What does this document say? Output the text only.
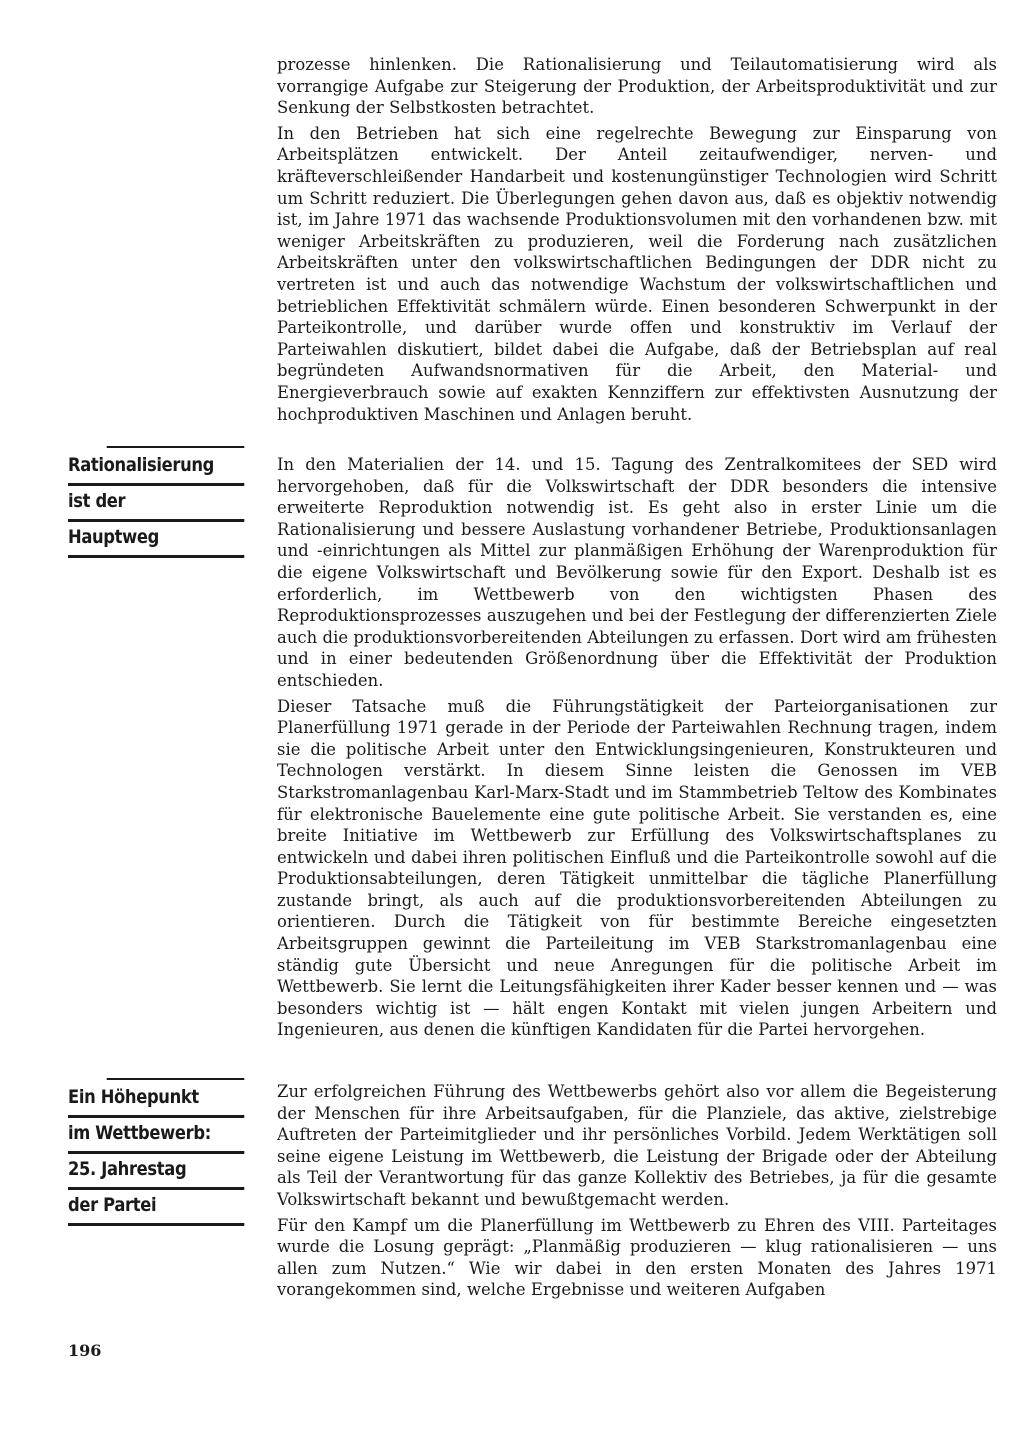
prozesse hinlenken. Die Rationalisierung und Teilautomatisierung wird als vorrangige Aufgabe zur Steigerung der Produktion, der Arbeitsproduktivität und zur Senkung der Selbstkosten betrachtet.

In den Betrieben hat sich eine regelrechte Bewegung zur Einsparung von Arbeitsplätzen entwickelt. Der Anteil zeitaufwendiger, nerven- und kräfteverschleißender Handarbeit und kostenungünstiger Technologien wird Schritt um Schritt reduziert. Die Überlegungen gehen davon aus, daß es objektiv notwendig ist, im Jahre 1971 das wachsende Produktionsvolumen mit den vorhandenen bzw. mit weniger Arbeitskräften zu produzieren, weil die Forderung nach zusätzlichen Arbeitskräften unter den volkswirtschaftlichen Bedingungen der DDR nicht zu vertreten ist und auch das notwendige Wachstum der volkswirtschaftlichen und betrieblichen Effektivität schmälern würde. Einen besonderen Schwerpunkt in der Parteikontrolle, und darüber wurde offen und konstruktiv im Verlauf der Parteiwahlen diskutiert, bildet dabei die Aufgabe, daß der Betriebsplan auf real begründeten Aufwandsnormativen für die Arbeit, den Material- und Energieverbrauch sowie auf exakten Kennziffern zur effektivsten Ausnutzung der hochproduktiven Maschinen und Anlagen beruht.

Rationalisierung
ist der
Hauptweg

In den Materialien der 14. und 15. Tagung des Zentralkomitees der SED wird hervorgehoben, daß für die Volkswirtschaft der DDR besonders die intensive erweiterte Reproduktion notwendig ist. Es geht also in erster Linie um die Rationalisierung und bessere Auslastung vorhandener Betriebe, Produktionsanlagen und -einrichtungen als Mittel zur planmäßigen Erhöhung der Warenproduktion für die eigene Volkswirtschaft und Bevölkerung sowie für den Export. Deshalb ist es erforderlich, im Wettbewerb von den wichtigsten Phasen des Reproduktionsprozesses auszugehen und bei der Festlegung der differenzierten Ziele auch die produktionsvorbereitenden Abteilungen zu erfassen. Dort wird am frühesten und in einer bedeutenden Größenordnung über die Effektivität der Produktion entschieden.

Dieser Tatsache muß die Führungstätigkeit der Parteiorganisationen zur Planerfüllung 1971 gerade in der Periode der Parteiwahlen Rechnung tragen, indem sie die politische Arbeit unter den Entwicklungsingenieuren, Konstrukteuren und Technologen verstärkt. In diesem Sinne leisten die Genossen im VEB Starkstromanlagenbau Karl-Marx-Stadt und im Stammbetrieb Teltow des Kombinates für elektronische Bauelemente eine gute politische Arbeit. Sie verstanden es, eine breite Initiative im Wettbewerb zur Erfüllung des Volkswirtschaftsplanes zu entwickeln und dabei ihren politischen Einfluß und die Parteikontrolle sowohl auf die Produktionsabteilungen, deren Tätigkeit unmittelbar die tägliche Planerfüllung zustande bringt, als auch auf die produktionsvorbereitenden Abteilungen zu orientieren. Durch die Tätigkeit von für bestimmte Bereiche eingesetzten Arbeitsgruppen gewinnt die Parteileitung im VEB Starkstromanlagenbau eine ständig gute Übersicht und neue Anregungen für die politische Arbeit im Wettbewerb. Sie lernt die Leitungsfähigkeiten ihrer Kader besser kennen und — was besonders wichtig ist — hält engen Kontakt mit vielen jungen Arbeitern und Ingenieuren, aus denen die künftigen Kandidaten für die Partei hervorgehen.

Ein Höhepunkt
im Wettbewerb:
25. Jahrestag
der Partei

Zur erfolgreichen Führung des Wettbewerbs gehört also vor allem die Begeisterung der Menschen für ihre Arbeitsaufgaben, für die Planziele, das aktive, zielstrebige Auftreten der Parteimitglieder und ihr persönliches Vorbild. Jedem Werktätigen soll seine eigene Leistung im Wettbewerb, die Leistung der Brigade oder der Abteilung als Teil der Verantwortung für das ganze Kollektiv des Betriebes, ja für die gesamte Volkswirtschaft bekannt und bewußtgemacht werden.

Für den Kampf um die Planerfüllung im Wettbewerb zu Ehren des VIII. Parteitages wurde die Losung geprägt: „Planmäßig produzieren — klug rationalisieren — uns allen zum Nutzen.“ Wie wir dabei in den ersten Monaten des Jahres 1971 vorangekommen sind, welche Ergebnisse und weiteren Aufgaben

196
